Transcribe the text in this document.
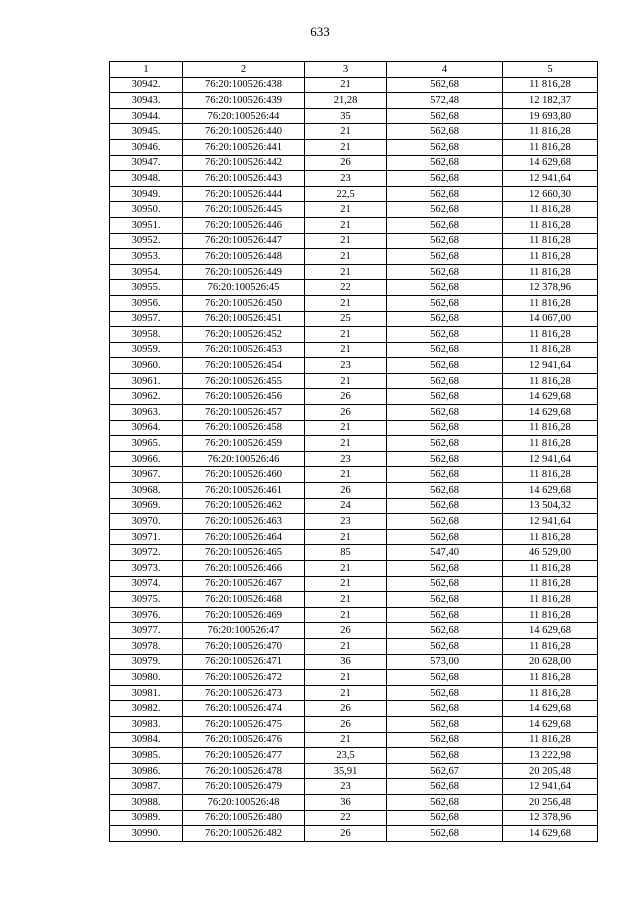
633
1	2	3	4	5
30942.	76:20:100526:438	21	562,68	11 816,28
30943.	76:20:100526:439	21,28	572,48	12 182,37
30944.	76:20:100526:44	35	562,68	19 693,80
30945.	76:20:100526:440	21	562,68	11 816,28
30946.	76:20:100526:441	21	562,68	11 816,28
30947.	76:20:100526:442	26	562,68	14 629,68
30948.	76:20:100526:443	23	562,68	12 941,64
30949.	76:20:100526:444	22,5	562,68	12 660,30
30950.	76:20:100526:445	21	562,68	11 816,28
30951.	76:20:100526:446	21	562,68	11 816,28
30952.	76:20:100526:447	21	562,68	11 816,28
30953.	76:20:100526:448	21	562,68	11 816,28
30954.	76:20:100526:449	21	562,68	11 816,28
30955.	76:20:100526:45	22	562,68	12 378,96
30956.	76:20:100526:450	21	562,68	11 816,28
30957.	76:20:100526:451	25	562,68	14 067,00
30958.	76:20:100526:452	21	562,68	11 816,28
30959.	76:20:100526:453	21	562,68	11 816,28
30960.	76:20:100526:454	23	562,68	12 941,64
30961.	76:20:100526:455	21	562,68	11 816,28
30962.	76:20:100526:456	26	562,68	14 629,68
30963.	76:20:100526:457	26	562,68	14 629,68
30964.	76:20:100526:458	21	562,68	11 816,28
30965.	76:20:100526:459	21	562,68	11 816,28
30966.	76:20:100526:46	23	562,68	12 941,64
30967.	76:20:100526:460	21	562,68	11 816,28
30968.	76:20:100526:461	26	562,68	14 629,68
30969.	76:20:100526:462	24	562,68	13 504,32
30970.	76:20:100526:463	23	562,68	12 941,64
30971.	76:20:100526:464	21	562,68	11 816,28
30972.	76:20:100526:465	85	547,40	46 529,00
30973.	76:20:100526:466	21	562,68	11 816,28
30974.	76:20:100526:467	21	562,68	11 816,28
30975.	76:20:100526:468	21	562,68	11 816,28
30976.	76:20:100526:469	21	562,68	11 816,28
30977.	76:20:100526:47	26	562,68	14 629,68
30978.	76:20:100526:470	21	562,68	11 816,28
30979.	76:20:100526:471	36	573,00	20 628,00
30980.	76:20:100526:472	21	562,68	11 816,28
30981.	76:20:100526:473	21	562,68	11 816,28
30982.	76:20:100526:474	26	562,68	14 629,68
30983.	76:20:100526:475	26	562,68	14 629,68
30984.	76:20:100526:476	21	562,68	11 816,28
30985.	76:20:100526:477	23,5	562,68	13 222,98
30986.	76:20:100526:478	35,91	562,67	20 205,48
30987.	76:20:100526:479	23	562,68	12 941,64
30988.	76:20:100526:48	36	562,68	20 256,48
30989.	76:20:100526:480	22	562,68	12 378,96
30990.	76:20:100526:482	26	562,68	14 629,68
